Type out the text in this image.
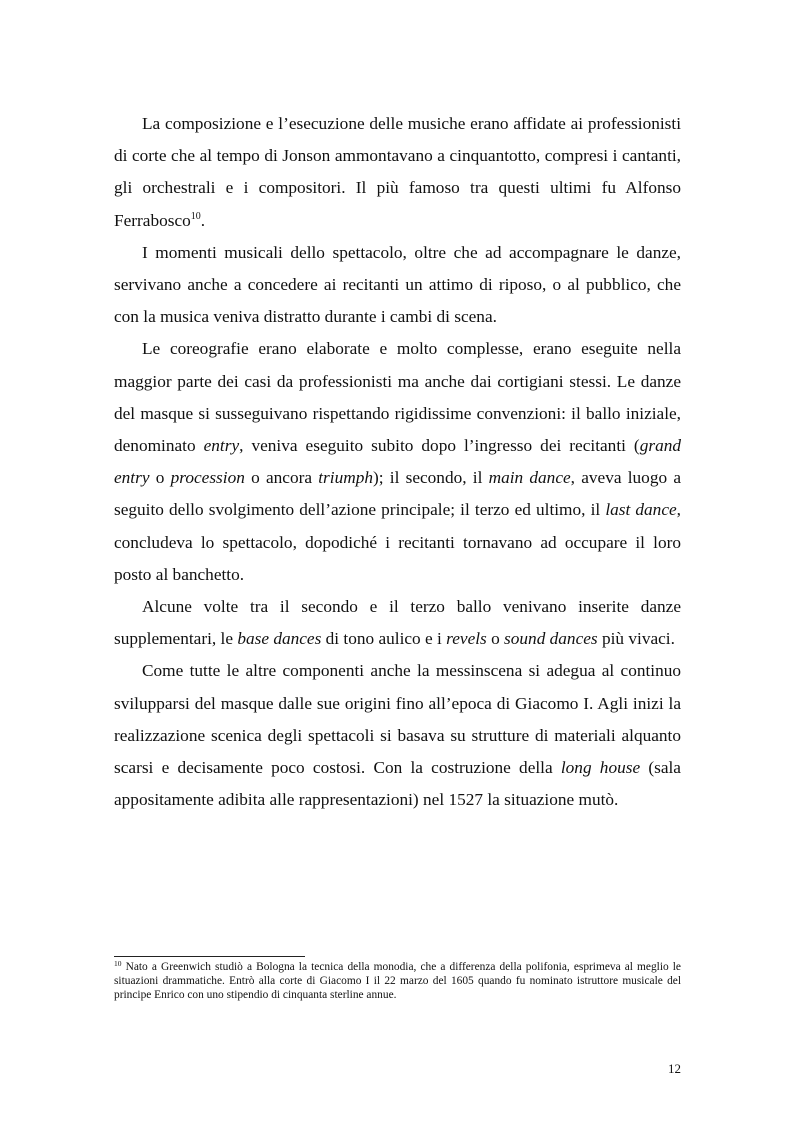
La composizione e l’esecuzione delle musiche erano affidate ai professionisti di corte che al tempo di Jonson ammontavano a cinquantotto, compresi i cantanti, gli orchestrali e i compositori. Il più famoso tra questi ultimi fu Alfonso Ferrabosco$^{10}$.

I momenti musicali dello spettacolo, oltre che ad accompagnare le danze, servivano anche a concedere ai recitanti un attimo di riposo, o al pubblico, che con la musica veniva distratto durante i cambi di scena.

Le coreografie erano elaborate e molto complesse, erano eseguite nella maggior parte dei casi da professionisti ma anche dai cortigiani stessi. Le danze del masque si susseguivano rispettando rigidissime convenzioni: il ballo iniziale, denominato entry, veniva eseguito subito dopo l’ingresso dei recitanti (grand entry o procession o ancora triumph); il secondo, il main dance, aveva luogo a seguito dello svolgimento dell’azione principale; il terzo ed ultimo, il last dance, concludeva lo spettacolo, dopodiché i recitanti tornavano ad occupare il loro posto al banchetto.

Alcune volte tra il secondo e il terzo ballo venivano inserite danze supplementari, le base dances di tono aulico e i revels o sound dances più vivaci.

Come tutte le altre componenti anche la messinscena si adegua al continuo svilupparsi del masque dalle sue origini fino all’epoca di Giacomo I. Agli inizi la realizzazione scenica degli spettacoli si basava su strutture di materiali alquanto scarsi e decisamente poco costosi. Con la costruzione della long house (sala appositamente adibita alle rappresentazioni) nel 1527 la situazione mutò.

$^{10}$ Nato a Greenwich studiò a Bologna la tecnica della monodia, che a differenza della polifonia, esprimeva al meglio le situazioni drammatiche. Entrò alla corte di Giacomo I il 22 marzo del 1605 quando fu nominato istruttore musicale del principe Enrico con uno stipendio di cinquanta sterline annue.
12
